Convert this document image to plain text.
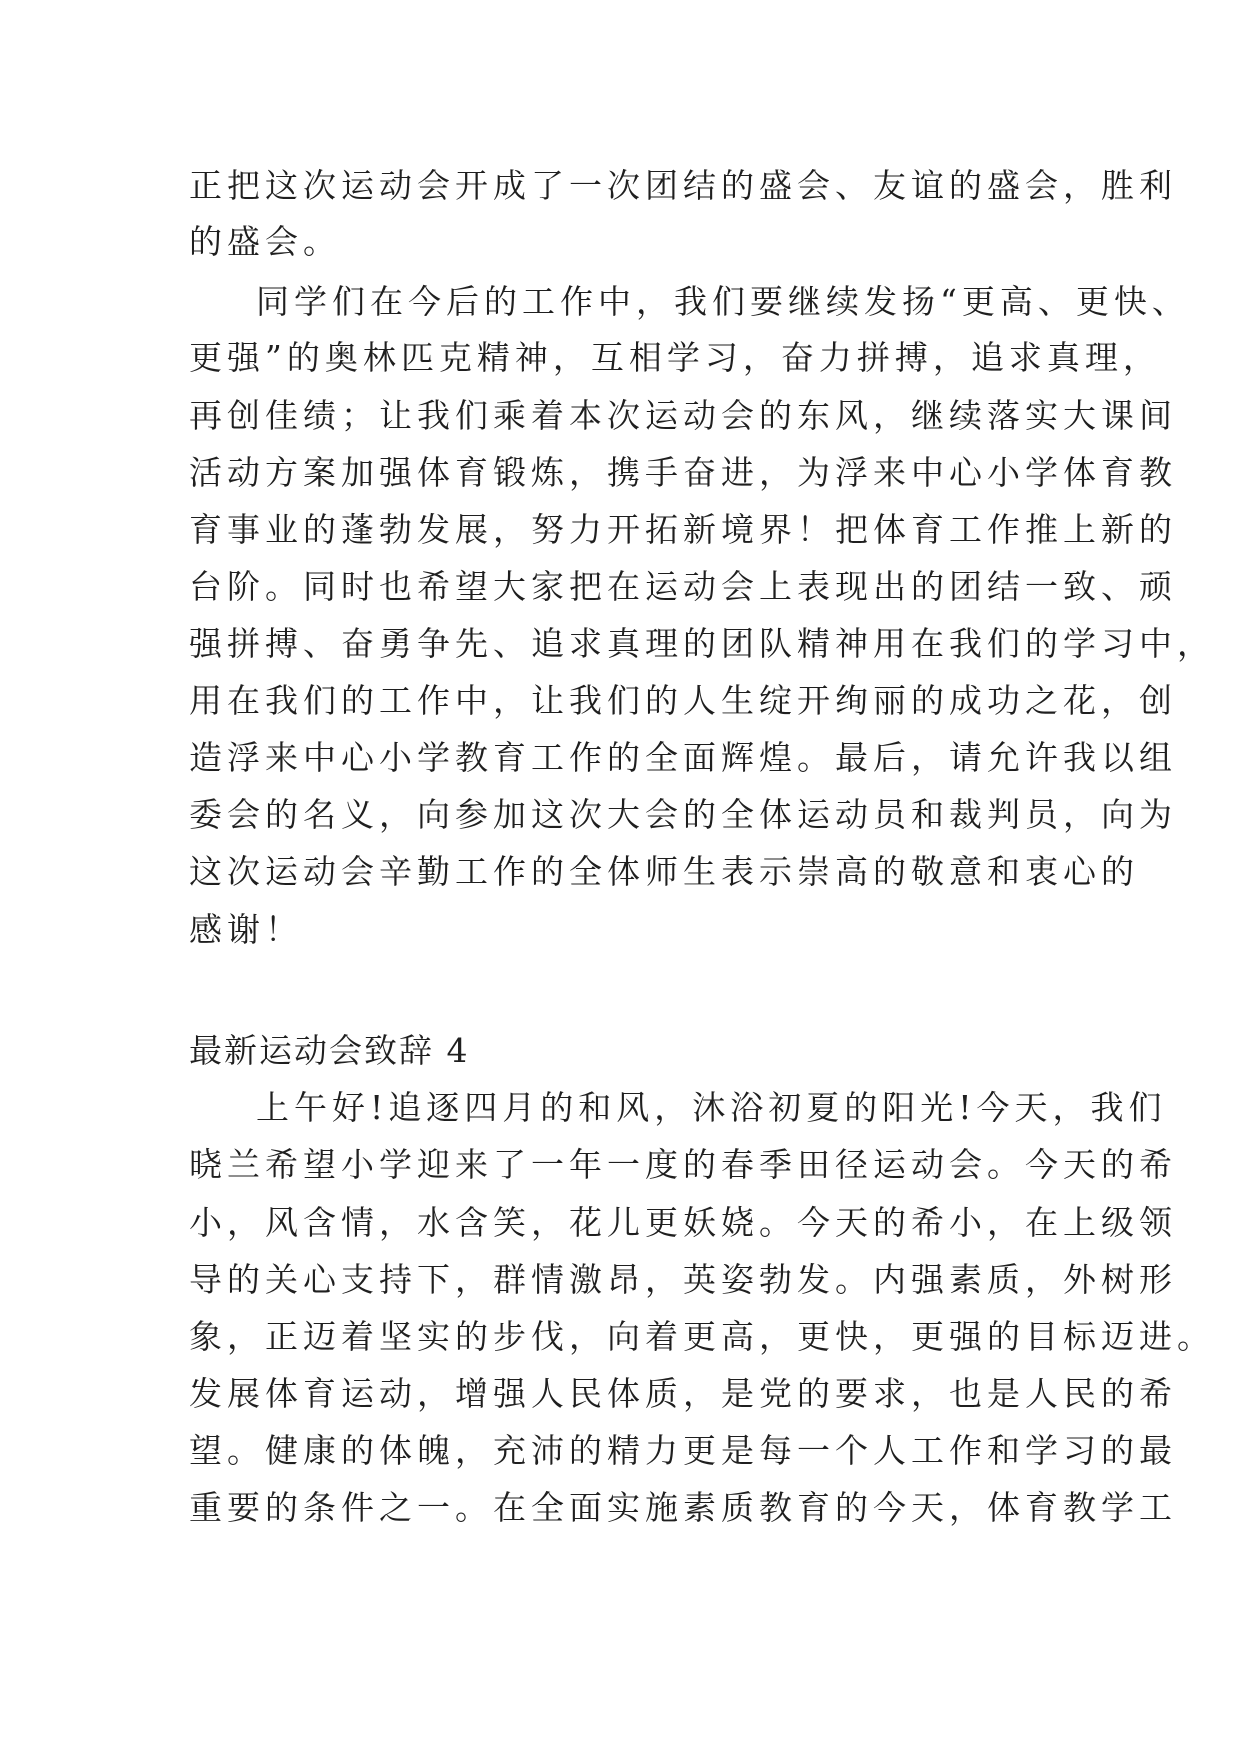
正把这次运动会开成了一次团结的盛会、友谊的盛会，胜利
的盛会。
同学们在今后的工作中，我们要继续发扬“更高、更快、
更强”的奥林匹克精神，互相学习，奋力拼搏，追求真理，
再创佳绩；让我们乘着本次运动会的东风，继续落实大课间
活动方案加强体育锻炼，携手奋进，为浮来中心小学体育教
育事业的蓬勃发展，努力开拓新境界！把体育工作推上新的
台阶。同时也希望大家把在运动会上表现出的团结一致、顽
强拼搏、奋勇争先、追求真理的团队精神用在我们的学习中，
用在我们的工作中，让我们的人生绽开绚丽的成功之花，创
造浮来中心小学教育工作的全面辉煌。最后，请允许我以组
委会的名义，向参加这次大会的全体运动员和裁判员，向为
这次运动会辛勤工作的全体师生表示崇高的敬意和衷心的
感谢！
最新运动会致辞 4
上午好!追逐四月的和风，沐浴初夏的阳光!今天，我们
晓兰希望小学迎来了一年一度的春季田径运动会。今天的希
小，风含情，水含笑，花儿更妖娆。今天的希小，在上级领
导的关心支持下，群情激昂，英姿勃发。内强素质，外树形
象，正迈着坚实的步伐，向着更高，更快，更强的目标迈进。
发展体育运动，增强人民体质，是党的要求，也是人民的希
望。健康的体魄，充沛的精力更是每一个人工作和学习的最
重要的条件之一。在全面实施素质教育的今天，体育教学工
